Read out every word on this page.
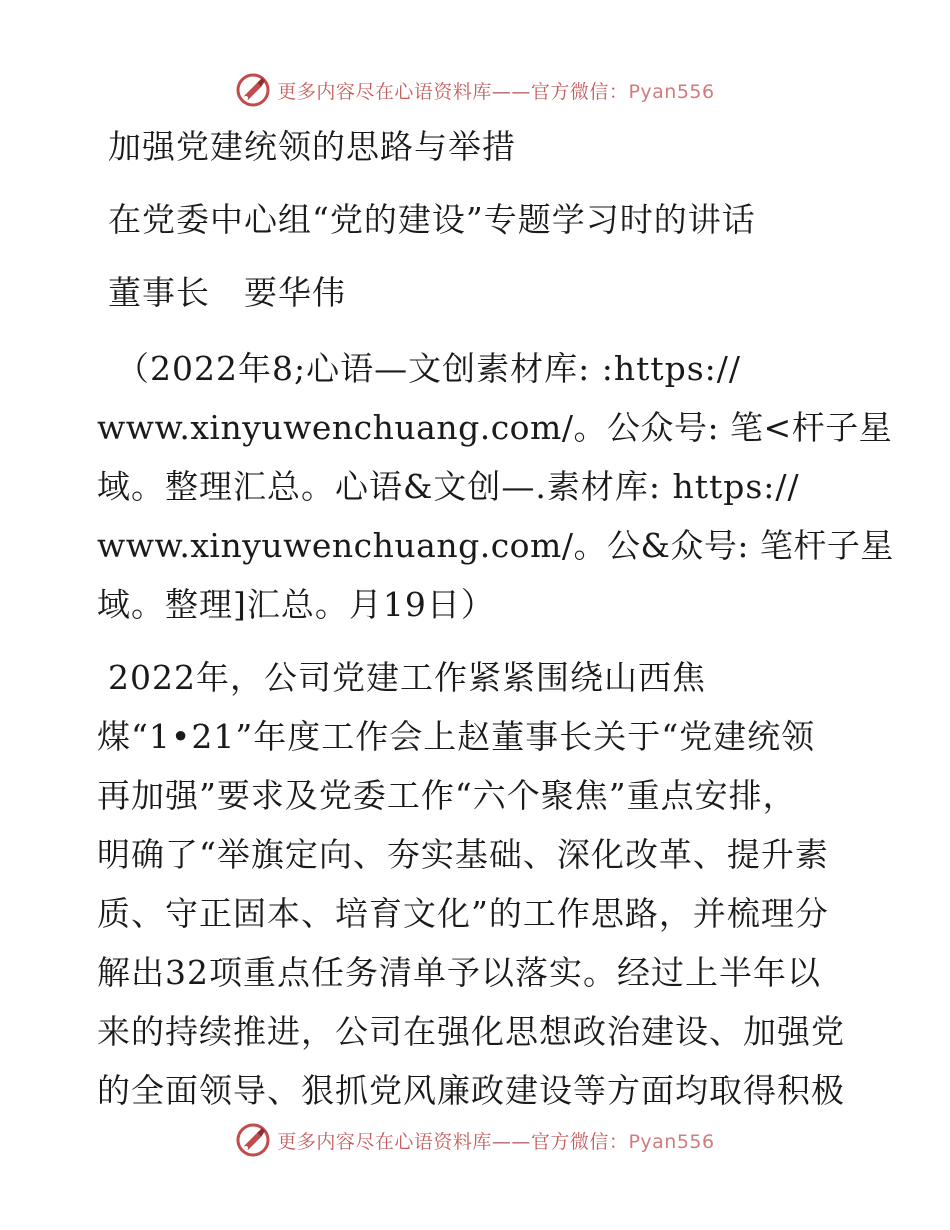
更多内容尽在心语资料库——官方微信：Pyan556
加强党建统领的思路与举措
在党委中心组“党的建设”专题学习时的讲话
董事长　要华伟
（2022年8;心语—文创素材库: :https://
www.xinyuwenchuang.com/。公众号: 笔<杆子星
域。整理汇总。心语&文创—.素材库: https://
www.xinyuwenchuang.com/。公&众号: 笔杆子星
域。整理]汇总。月19日）
2022年，公司党建工作紧紧围绕山西焦
煤“1•21”年度工作会上赵董事长关于“党建统领
再加强”要求及党委工作“六个聚焦”重点安排，
明确了“举旗定向、夯实基础、深化改革、提升素
质、守正固本、培育文化”的工作思路，并梳理分
解出32项重点任务清单予以落实。经过上半年以
来的持续推进，公司在强化思想政治建设、加强党
的全面领导、狠抓党风廉政建设等方面均取得积极
更多内容尽在心语资料库——官方微信：Pyan556
